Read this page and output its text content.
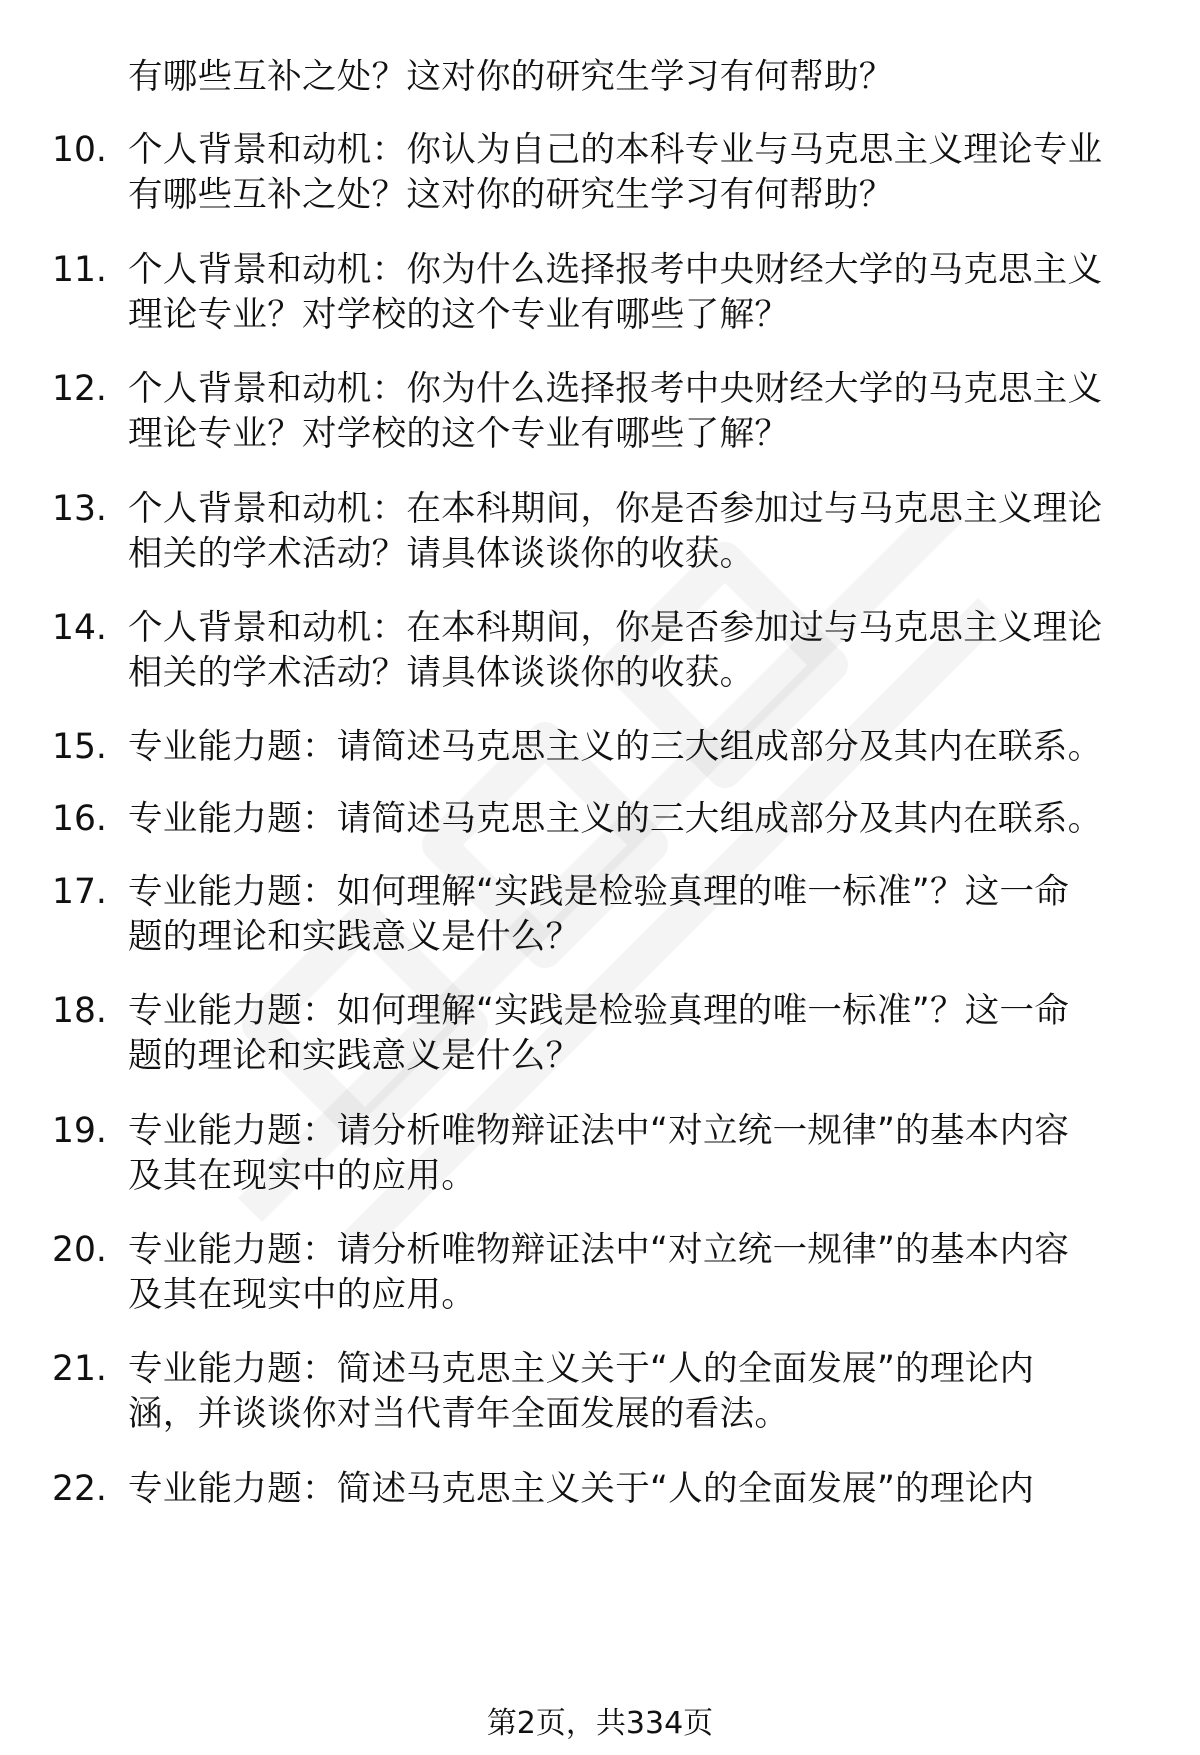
有哪些互补之处？这对你的研究生学习有何帮助？
10. 个人背景和动机：你认为自己的本科专业与马克思主义理论专业
有哪些互补之处？这对你的研究生学习有何帮助？
11. 个人背景和动机：你为什么选择报考中央财经大学的马克思主义
理论专业？对学校的这个专业有哪些了解？
12. 个人背景和动机：你为什么选择报考中央财经大学的马克思主义
理论专业？对学校的这个专业有哪些了解？
13. 个人背景和动机：在本科期间，你是否参加过与马克思主义理论
相关的学术活动？请具体谈谈你的收获。
14. 个人背景和动机：在本科期间，你是否参加过与马克思主义理论
相关的学术活动？请具体谈谈你的收获。
15. 专业能力题：请简述马克思主义的三大组成部分及其内在联系。
16. 专业能力题：请简述马克思主义的三大组成部分及其内在联系。
17. 专业能力题：如何理解“实践是检验真理的唯一标准”？这一命
题的理论和实践意义是什么？
18. 专业能力题：如何理解“实践是检验真理的唯一标准”？这一命
题的理论和实践意义是什么？
19. 专业能力题：请分析唯物辩证法中“对立统一规律”的基本内容
及其在现实中的应用。
20. 专业能力题：请分析唯物辩证法中“对立统一规律”的基本内容
及其在现实中的应用。
21. 专业能力题：简述马克思主义关于“人的全面发展”的理论内
涵，并谈谈你对当代青年全面发展的看法。
22. 专业能力题：简述马克思主义关于“人的全面发展”的理论内
第2页，共334页
